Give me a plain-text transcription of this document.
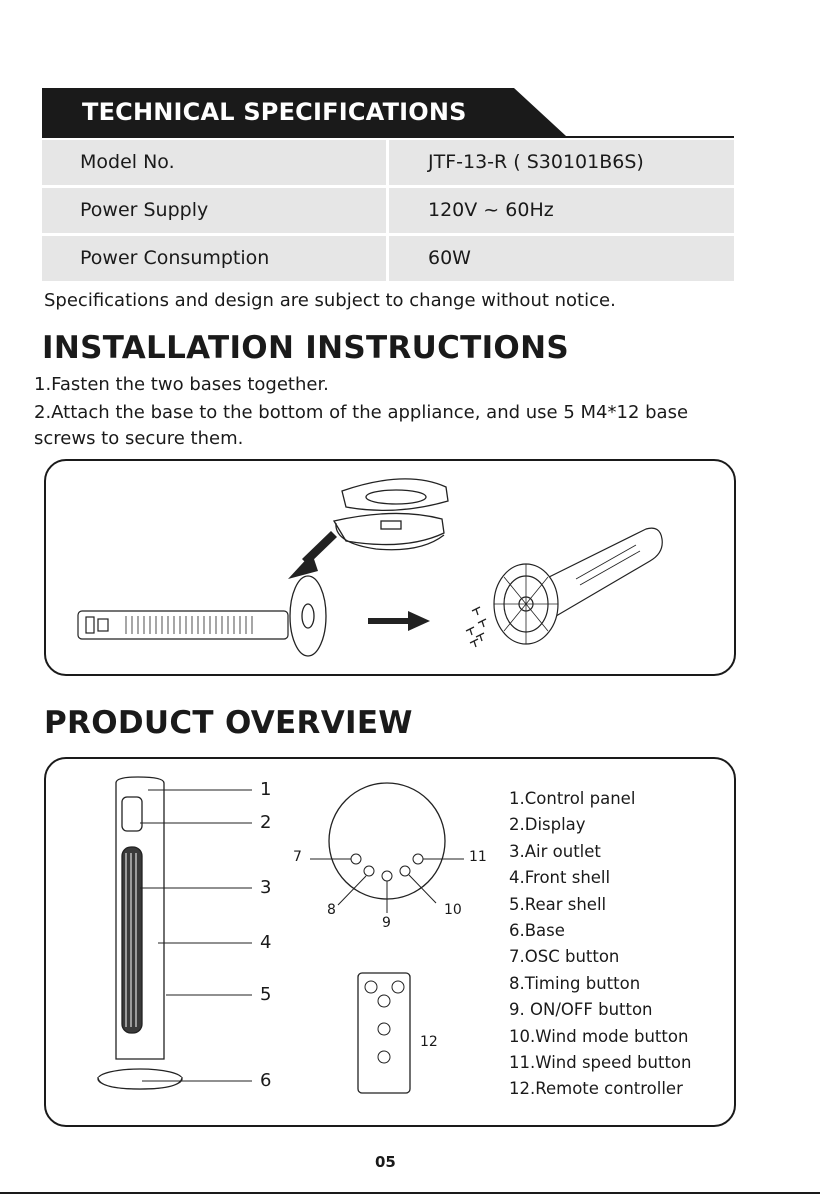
TECHNICAL SPECIFICATIONS
Model No.	JTF-13-R ( S30101B6S)
Power Supply	120V ~ 60Hz
Power Consumption	60W
Specifications and design are subject to change without notice.
INSTALLATION INSTRUCTIONS
1.Fasten the two bases together.
2.Attach the base to the bottom of the appliance, and use 5 M4*12 base screws to secure them.
PRODUCT OVERVIEW
1
2
3
4
5
6
7
8
9
10
11
12
1.Control panel
2.Display
3.Air outlet
4.Front shell
5.Rear shell
6.Base
7.OSC button
8.Timing button
9. ON/OFF button
10.Wind mode button
11.Wind speed button
12.Remote controller
05
